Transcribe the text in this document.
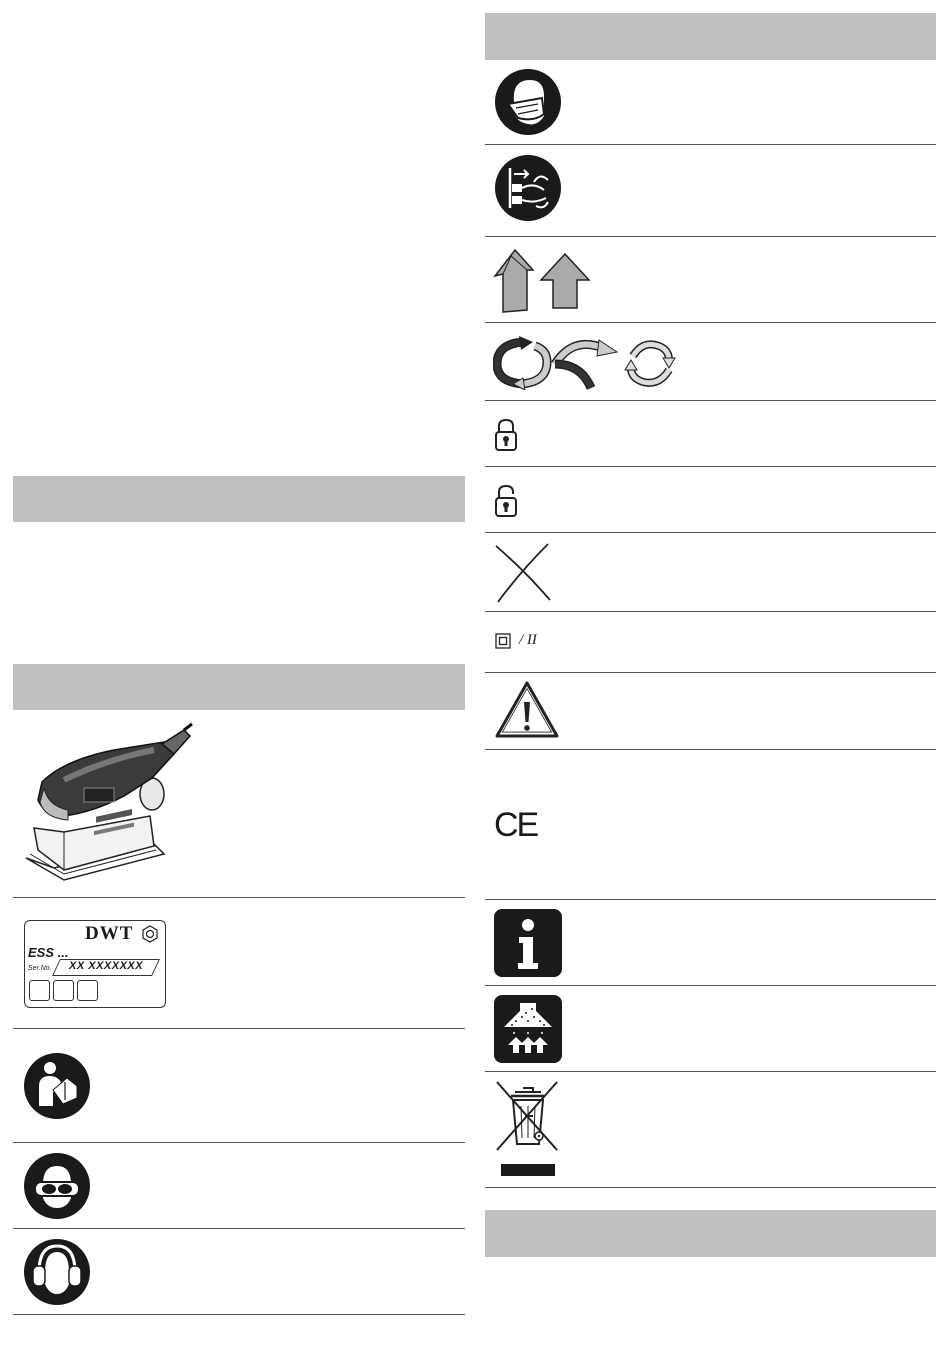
DWT
ESS ...
Ser.No. XX XXXXXXX
/ II
CE
